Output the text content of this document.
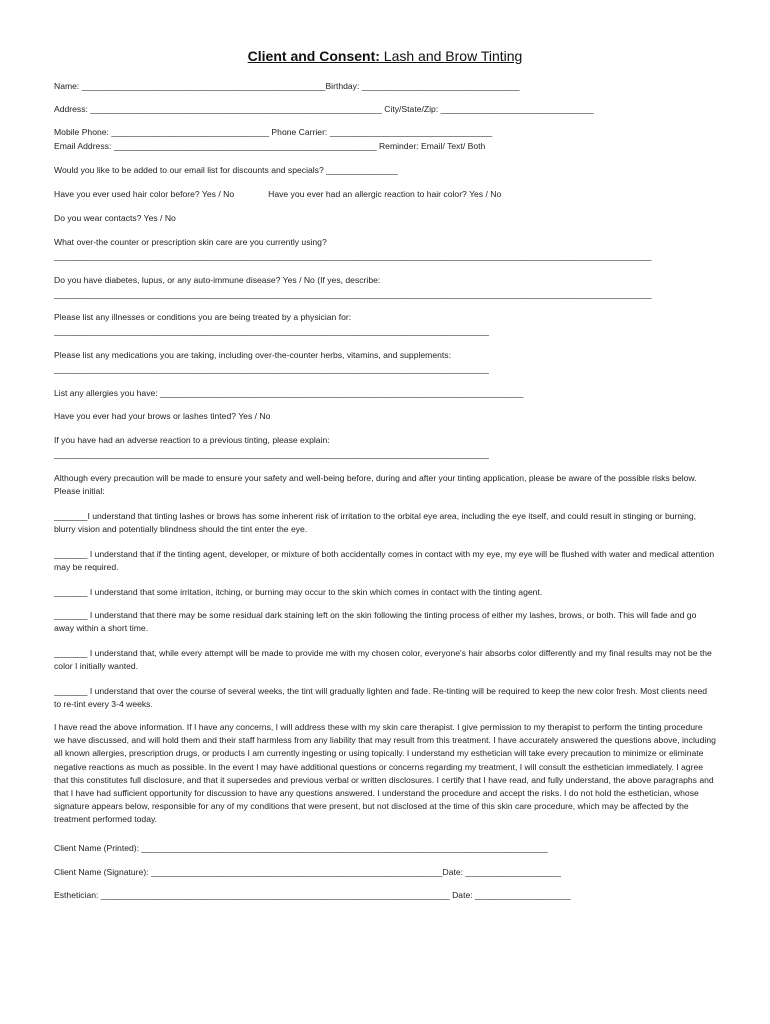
Client and Consent: Lash and Brow Tinting
Name: ___________________________________________________Birthday: _________________________________
Address: _____________________________________________________________ City/State/Zip: ________________________________
Mobile Phone: _________________________________ Phone Carrier: __________________________________
Email Address: _______________________________________________________ Reminder: Email/ Text/ Both
Would you like to be added to our email list for discounts and specials? _______________
Have you ever used hair color before? Yes / No	Have you ever had an allergic reaction to hair color? Yes / No
Do you wear contacts? Yes / No
What over-the counter or prescription skin care are you currently using?
_____________________________________________________________________________________________________________________________
Do you have diabetes, lupus, or any auto-immune disease? Yes / No (If yes, describe:
_____________________________________________________________________________________________________________________________
Please list any illnesses or conditions you are being treated by a physician for:
___________________________________________________________________________________________
Please list any medications you are taking, including over-the-counter herbs, vitamins, and supplements:
___________________________________________________________________________________________
List any allergies you have: ____________________________________________________________________________
Have you ever had your brows or lashes tinted? Yes / No
If you have had an adverse reaction to a previous tinting, please explain:
___________________________________________________________________________________________
Although every precaution will be made to ensure your safety and well-being before, during and after your tinting application, please be aware of the possible risks below. Please initial:
_______I understand that tinting lashes or brows has some inherent risk of irritation to the orbital eye area, including the eye itself, and could result in stinging or burning, blurry vision and potentially blindness should the tint enter the eye.
_______ I understand that if the tinting agent, developer, or mixture of both accidentally comes in contact with my eye, my eye will be flushed with water and medical attention may be required.
_______ I understand that some irritation, itching, or burning may occur to the skin which comes in contact with the tinting agent.
_______ I understand that there may be some residual dark staining left on the skin following the tinting process of either my lashes, brows, or both. This will fade and go away within a short time.
_______ I understand that, while every attempt will be made to provide me with my chosen color, everyone's hair absorbs color differently and my final results may not be the color I initially wanted.
_______ I understand that over the course of several weeks, the tint will gradually lighten and fade. Re-tinting will be required to keep the new color fresh. Most clients need to re-tint every 3-4 weeks.
I have read the above information. If I have any concerns, I will address these with my skin care therapist. I give permission to my therapist to perform the tinting procedure we have discussed, and will hold them and their staff harmless from any liability that may result from this treatment. I have accurately answered the questions above, including all known allergies, prescription drugs, or products I am currently ingesting or using topically. I understand my esthetician will take every precaution to minimize or eliminate negative reactions as much as possible. In the event I may have additional questions or concerns regarding my treatment, I will consult the esthetician immediately. I agree that this constitutes full disclosure, and that it supersedes and previous verbal or written disclosures. I certify that I have read, and fully understand, the above paragraphs and that I have had sufficient opportunity for discussion to have any questions answered. I understand the procedure and accept the risks. I do not hold the esthetician, whose signature appears below, responsible for any of my conditions that were present, but not disclosed at the time of this skin care procedure, which may be affected by the treatment performed today.
Client Name (Printed): _____________________________________________________________________________________
Client Name (Signature): _____________________________________________________________Date: ____________________
Esthetician: _________________________________________________________________________ Date: ____________________
